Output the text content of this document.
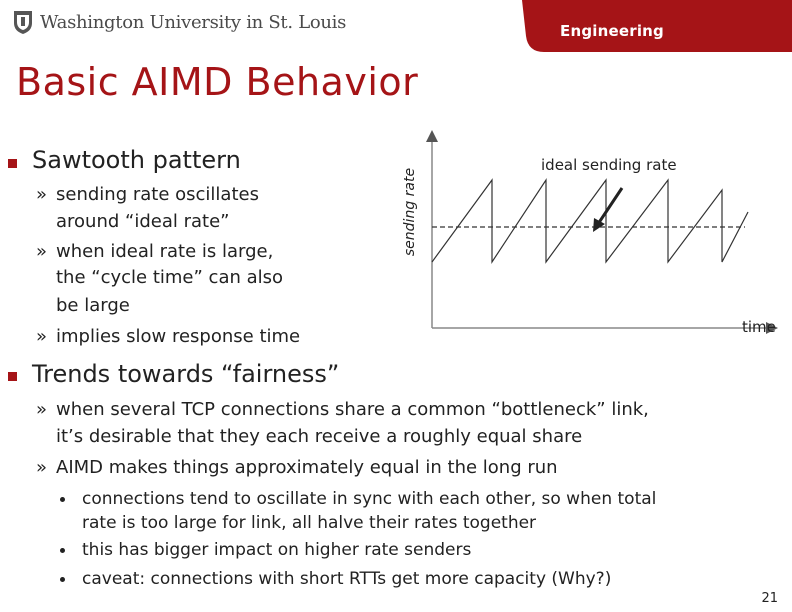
Washington University in St. Louis	Engineering
Basic AIMD Behavior
Sawtooth pattern
» sending rate oscillates
around “ideal rate”
» when ideal rate is large,
the “cycle time” can also
be large
» implies slow response time
Trends towards “fairness”
» when several TCP connections share a common “bottleneck” link,
it’s desirable that they each receive a roughly equal share
» AIMD makes things approximately equal in the long run
connections tend to oscillate in sync with each other, so when total
rate is too large for link, all halve their rates together
this has bigger impact on higher rate senders
caveat: connections with short RTTs get more capacity (Why?)
sending rate
ideal sending rate
time
21
